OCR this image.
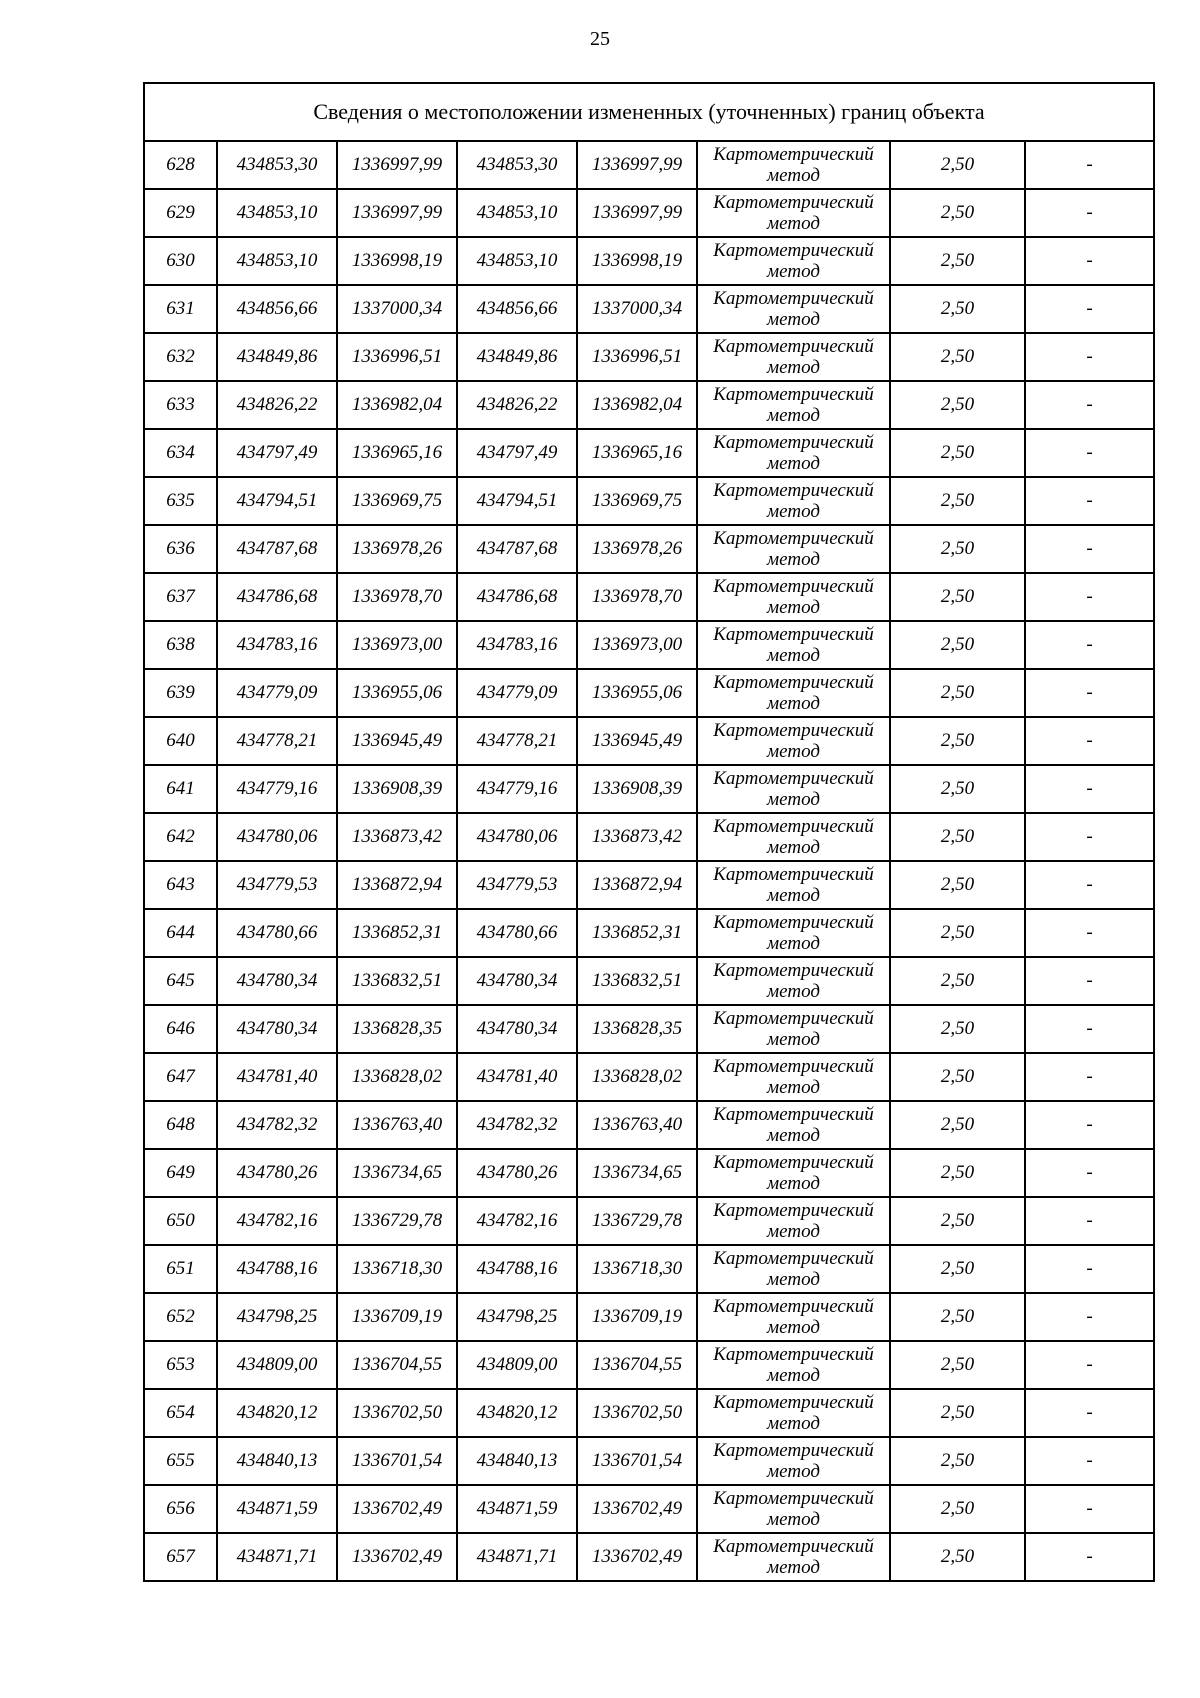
25
Сведения о местоположении измененных (уточненных) границ объекта							
628	434853,30	1336997,99	434853,30	1336997,99	Картометрический метод	2,50	-
629	434853,10	1336997,99	434853,10	1336997,99	Картометрический метод	2,50	-
630	434853,10	1336998,19	434853,10	1336998,19	Картометрический метод	2,50	-
631	434856,66	1337000,34	434856,66	1337000,34	Картометрический метод	2,50	-
632	434849,86	1336996,51	434849,86	1336996,51	Картометрический метод	2,50	-
633	434826,22	1336982,04	434826,22	1336982,04	Картометрический метод	2,50	-
634	434797,49	1336965,16	434797,49	1336965,16	Картометрический метод	2,50	-
635	434794,51	1336969,75	434794,51	1336969,75	Картометрический метод	2,50	-
636	434787,68	1336978,26	434787,68	1336978,26	Картометрический метод	2,50	-
637	434786,68	1336978,70	434786,68	1336978,70	Картометрический метод	2,50	-
638	434783,16	1336973,00	434783,16	1336973,00	Картометрический метод	2,50	-
639	434779,09	1336955,06	434779,09	1336955,06	Картометрический метод	2,50	-
640	434778,21	1336945,49	434778,21	1336945,49	Картометрический метод	2,50	-
641	434779,16	1336908,39	434779,16	1336908,39	Картометрический метод	2,50	-
642	434780,06	1336873,42	434780,06	1336873,42	Картометрический метод	2,50	-
643	434779,53	1336872,94	434779,53	1336872,94	Картометрический метод	2,50	-
644	434780,66	1336852,31	434780,66	1336852,31	Картометрический метод	2,50	-
645	434780,34	1336832,51	434780,34	1336832,51	Картометрический метод	2,50	-
646	434780,34	1336828,35	434780,34	1336828,35	Картометрический метод	2,50	-
647	434781,40	1336828,02	434781,40	1336828,02	Картометрический метод	2,50	-
648	434782,32	1336763,40	434782,32	1336763,40	Картометрический метод	2,50	-
649	434780,26	1336734,65	434780,26	1336734,65	Картометрический метод	2,50	-
650	434782,16	1336729,78	434782,16	1336729,78	Картометрический метод	2,50	-
651	434788,16	1336718,30	434788,16	1336718,30	Картометрический метод	2,50	-
652	434798,25	1336709,19	434798,25	1336709,19	Картометрический метод	2,50	-
653	434809,00	1336704,55	434809,00	1336704,55	Картометрический метод	2,50	-
654	434820,12	1336702,50	434820,12	1336702,50	Картометрический метод	2,50	-
655	434840,13	1336701,54	434840,13	1336701,54	Картометрический метод	2,50	-
656	434871,59	1336702,49	434871,59	1336702,49	Картометрический метод	2,50	-
657	434871,71	1336702,49	434871,71	1336702,49	Картометрический метод	2,50	-
